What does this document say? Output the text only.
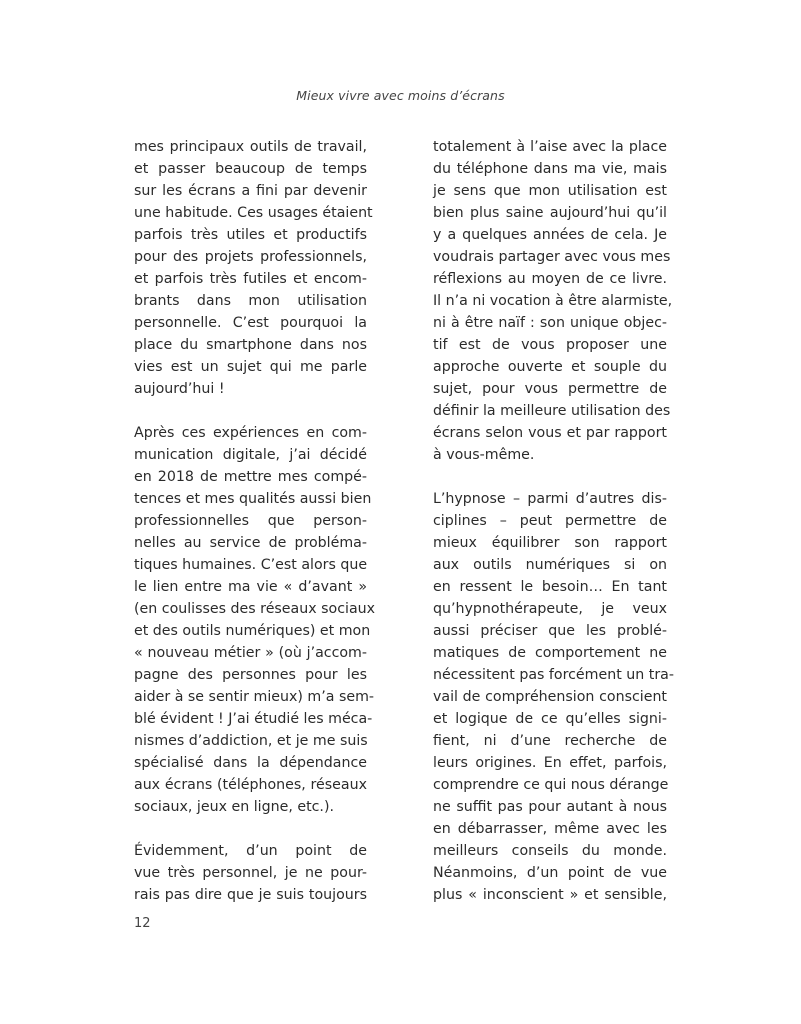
Mieux vivre avec moins d’écrans
mes principaux outils de travail,
et passer beaucoup de temps
sur les écrans a fini par devenir
une habitude. Ces usages étaient
parfois très utiles et productifs
pour des projets professionnels,
et parfois très futiles et encom-
brants dans mon utilisation
personnelle. C’est pourquoi la
place du smartphone dans nos
vies est un sujet qui me parle
aujourd’hui !
Après ces expériences en com-
munication digitale, j’ai décidé
en 2018 de mettre mes compé-
tences et mes qualités aussi bien
professionnelles que person-
nelles au service de probléma-
tiques humaines. C’est alors que
le lien entre ma vie « d’avant »
(en coulisses des réseaux sociaux
et des outils numériques) et mon
« nouveau métier » (où j’accom-
pagne des personnes pour les
aider à se sentir mieux) m’a sem-
blé évident ! J’ai étudié les méca-
nismes d’addiction, et je me suis
spécialisé dans la dépendance
aux écrans (téléphones, réseaux
sociaux, jeux en ligne, etc.).
Évidemment, d’un point de
vue très personnel, je ne pour-
rais pas dire que je suis toujours
totalement à l’aise avec la place
du téléphone dans ma vie, mais
je sens que mon utilisation est
bien plus saine aujourd’hui qu’il
y a quelques années de cela. Je
voudrais partager avec vous mes
réflexions au moyen de ce livre.
Il n’a ni vocation à être alarmiste,
ni à être naïf : son unique objec-
tif est de vous proposer une
approche ouverte et souple du
sujet, pour vous permettre de
définir la meilleure utilisation des
écrans selon vous et par rapport
à vous-même.
L’hypnose – parmi d’autres dis-
ciplines – peut permettre de
mieux équilibrer son rapport
aux outils numériques si on
en ressent le besoin… En tant
qu’hypnothérapeute, je veux
aussi préciser que les problé-
matiques de comportement ne
nécessitent pas forcément un tra-
vail de compréhension conscient
et logique de ce qu’elles signi-
fient, ni d’une recherche de
leurs origines. En effet, parfois,
comprendre ce qui nous dérange
ne suffit pas pour autant à nous
en débarrasser, même avec les
meilleurs conseils du monde.
Néanmoins, d’un point de vue
plus « inconscient » et sensible,
12
